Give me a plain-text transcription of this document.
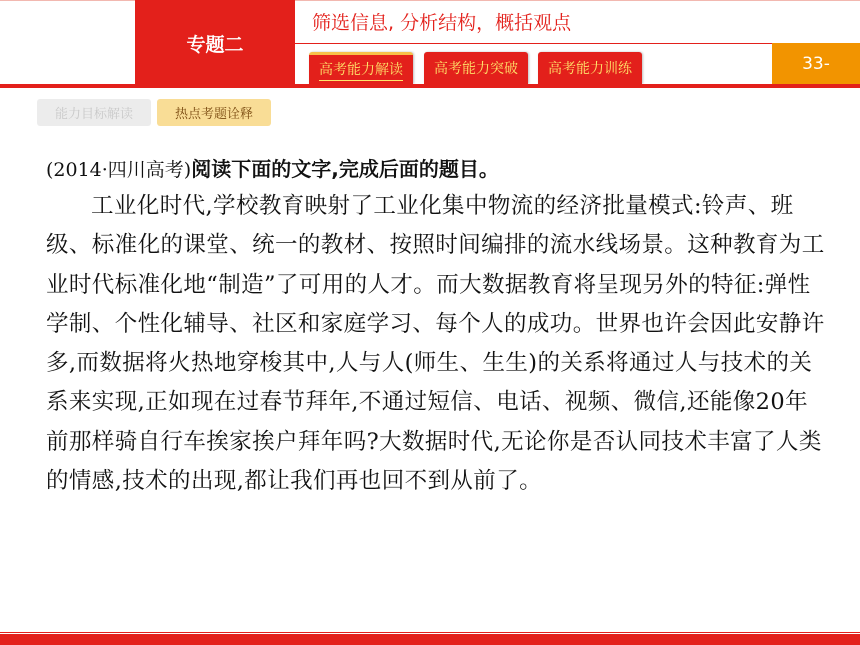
专题二
筛选信息, 分析结构，概括观点
高考能力解读 高考能力突破 高考能力训练	33-
能力目标解读	热点考题诠释

(2014·四川高考)阅读下面的文字,完成后面的题目。

工业化时代,学校教育映射了工业化集中物流的经济批量模式:铃声、班级、标准化的课堂、统一的教材、按照时间编排的流水线场景。这种教育为工业时代标准化地“制造”了可用的人才。而大数据教育将呈现另外的特征:弹性学制、个性化辅导、社区和家庭学习、每个人的成功。世界也许会因此安静许多,而数据将火热地穿梭其中,人与人(师生、生生)的关系将通过人与技术的关系来实现,正如现在过春节拜年,不通过短信、电话、视频、微信,还能像20年前那样骑自行车挨家挨户拜年吗?大数据时代,无论你是否认同技术丰富了人类的情感,技术的出现,都让我们再也回不到从前了。
